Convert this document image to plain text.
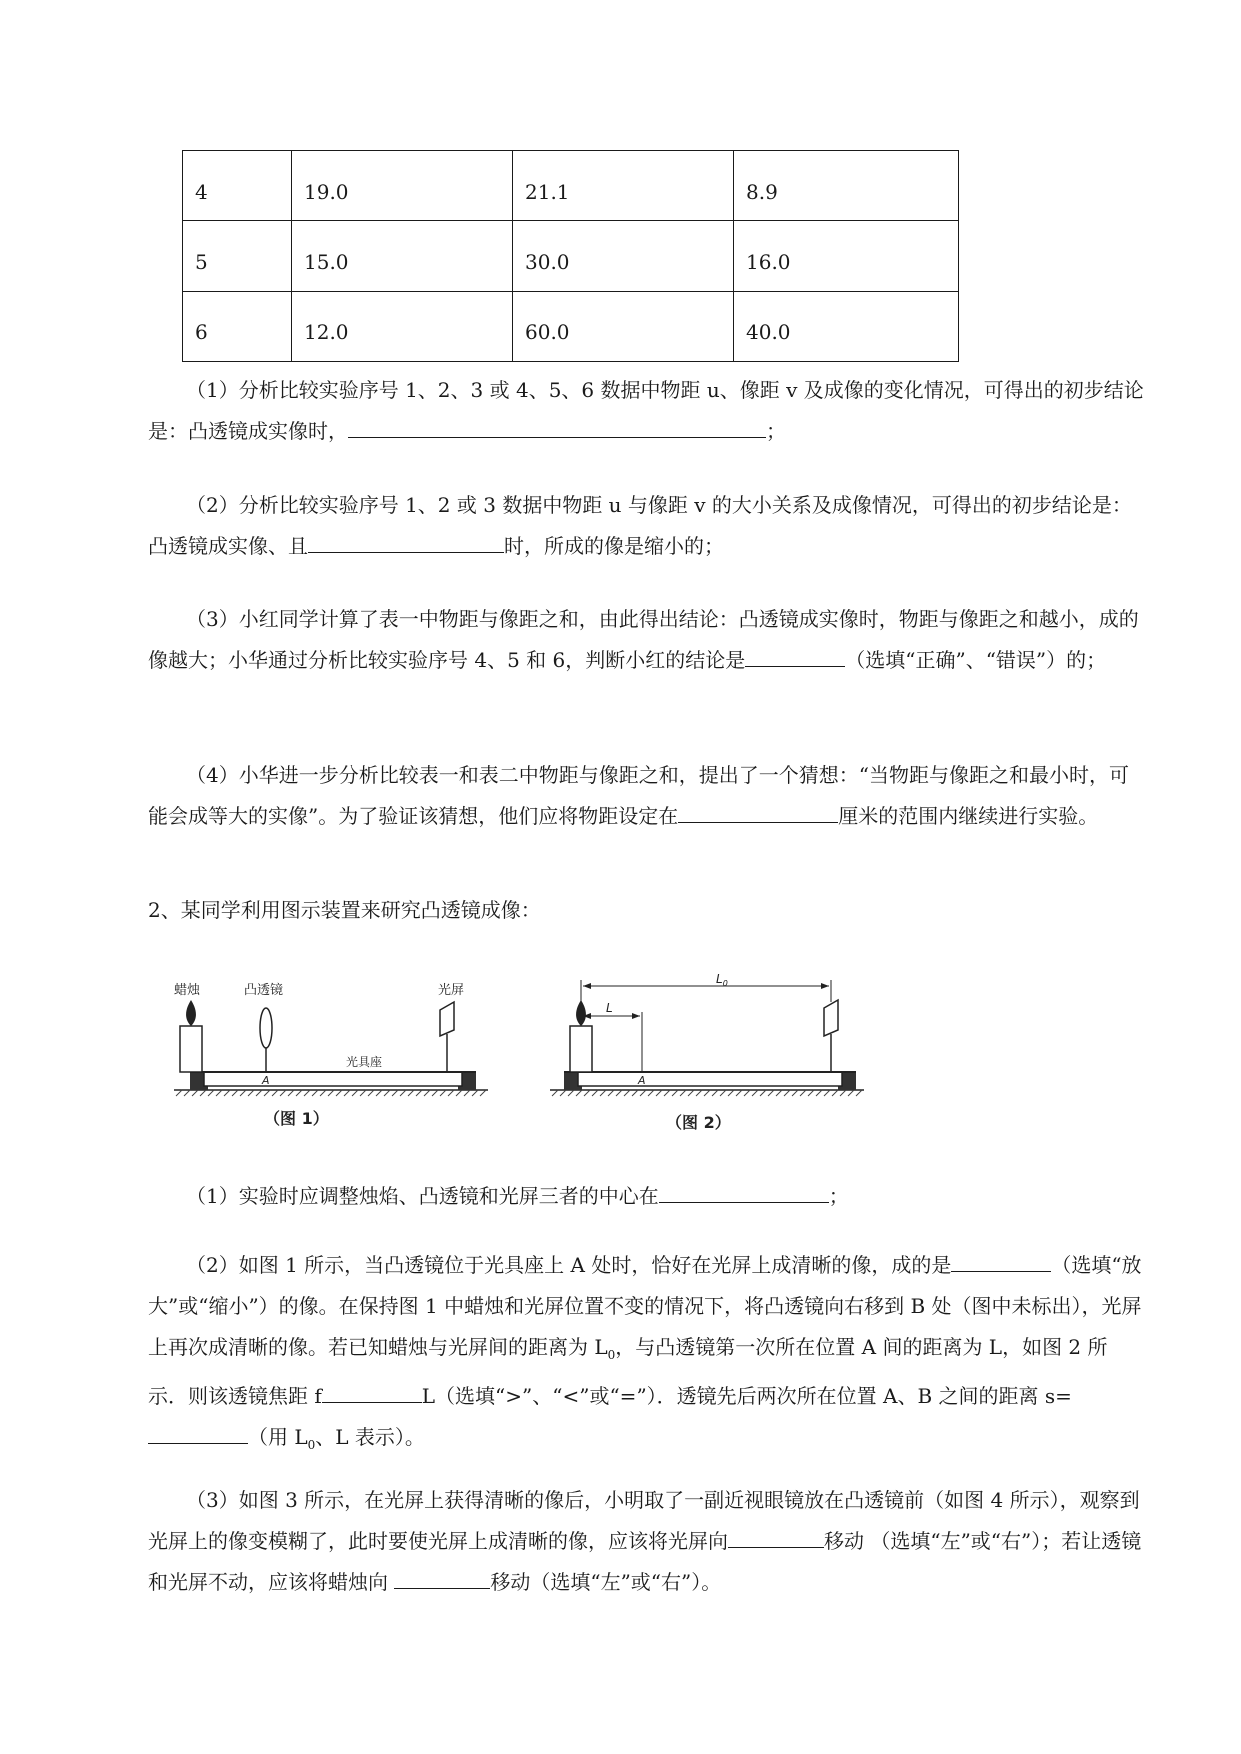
4	19.0	21.1	8.9
5	15.0	30.0	16.0
6	12.0	60.0	40.0

（1）分析比较实验序号 1、2、3 或 4、5、6 数据中物距 u、像距 v 及成像的变化情况，可得出的初步结论是：凸透镜成实像时，	；

（2）分析比较实验序号 1、2 或 3 数据中物距 u 与像距 v 的大小关系及成像情况，可得出的初步结论是：凸透镜成实像、且	时，所成的像是缩小的；

（3）小红同学计算了表一中物距与像距之和，由此得出结论：凸透镜成实像时，物距与像距之和越小，成的像越大；小华通过分析比较实验序号 4、5 和 6，判断小红的结论是	（选填“正确”、“错误”）的；

（4）小华进一步分析比较表一和表二中物距与像距之和，提出了一个猜想：“当物距与像距之和最小时，可能会成等大的实像”。为了验证该猜想，他们应将物距设定在	厘米的范围内继续进行实验。

2、某同学利用图示装置来研究凸透镜成像：

蜡烛	凸透镜	光屏
光具座
A
（图 1）
$L_0$
L
A
（图 2）

（1）实验时应调整烛焰、凸透镜和光屏三者的中心在	；

（2）如图 1 所示，当凸透镜位于光具座上 A 处时，恰好在光屏上成清晰的像，成的是	（选填“放大”或“缩小”）的像。在保持图 1 中蜡烛和光屏位置不变的情况下，将凸透镜向右移到 B 处（图中未标出），光屏上再次成清晰的像。若已知蜡烛与光屏间的距离为 $L_0$，与凸透镜第一次所在位置 A 间的距离为 L，如图 2 所示．则该透镜焦距 f	L（选填“>”、“<”或“=”）．透镜先后两次所在位置 A、B 之间的距离 s= （用 $L_0$、L 表示）。

（3）如图 3 所示，在光屏上获得清晰的像后，小明取了一副近视眼镜放在凸透镜前（如图 4 所示），观察到光屏上的像变模糊了，此时要使光屏上成清晰的像，应该将光屏向	移动 （选填“左”或“右”）；若让透镜和光屏不动，应该将蜡烛向	移动（选填“左”或“右”）。
